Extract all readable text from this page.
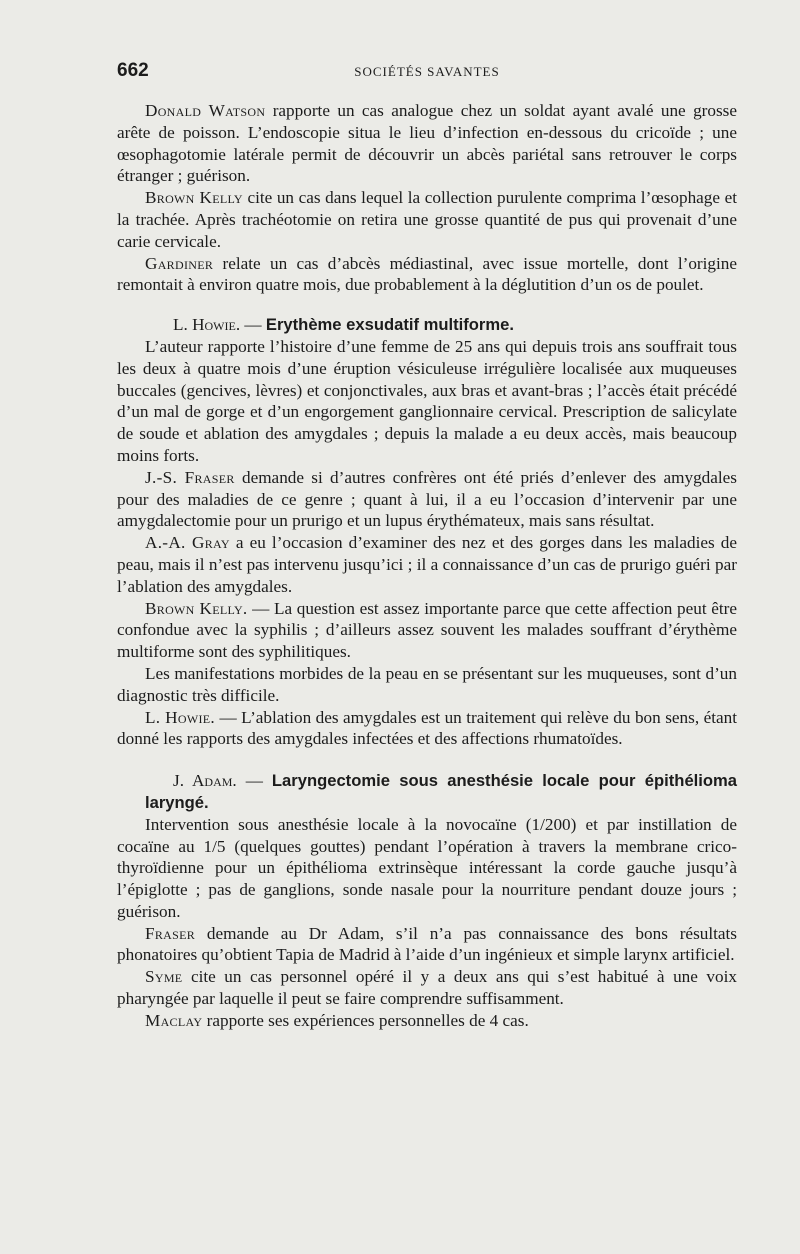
662	SOCIÉTÉS SAVANTES

Donald Watson rapporte un cas analogue chez un soldat ayant avalé une grosse arête de poisson. L’endoscopie situa le lieu d’infection en-dessous du cricoïde ; une œsophagotomie latérale permit de découvrir un abcès pariétal sans retrouver le corps étranger ; guérison.

Brown Kelly cite un cas dans lequel la collection purulente comprima l’œsophage et la trachée. Après trachéotomie on retira une grosse quantité de pus qui provenait d’une carie cervicale.

Gardiner relate un cas d’abcès médiastinal, avec issue mortelle, dont l’origine remontait à environ quatre mois, due probablement à la déglutition d’un os de poulet.

L. Howie. — Erythème exsudatif multiforme.

L’auteur rapporte l’histoire d’une femme de 25 ans qui depuis trois ans souffrait tous les deux à quatre mois d’une éruption vésiculeuse irrégulière localisée aux muqueuses buccales (gencives, lèvres) et conjonctivales, aux bras et avant-bras ; l’accès était précédé d’un mal de gorge et d’un engorgement ganglionnaire cervical. Prescription de salicylate de soude et ablation des amygdales ; depuis la malade a eu deux accès, mais beaucoup moins forts.

J.-S. Fraser demande si d’autres confrères ont été priés d’enlever des amygdales pour des maladies de ce genre ; quant à lui, il a eu l’occasion d’intervenir par une amygdalectomie pour un prurigo et un lupus érythémateux, mais sans résultat.

A.-A. Gray a eu l’occasion d’examiner des nez et des gorges dans les maladies de peau, mais il n’est pas intervenu jusqu’ici ; il a connaissance d’un cas de prurigo guéri par l’ablation des amygdales.

Brown Kelly. — La question est assez importante parce que cette affection peut être confondue avec la syphilis ; d’ailleurs assez souvent les malades souffrant d’érythème multiforme sont des syphilitiques.

Les manifestations morbides de la peau en se présentant sur les muqueuses, sont d’un diagnostic très difficile.

L. Howie. — L’ablation des amygdales est un traitement qui relève du bon sens, étant donné les rapports des amygdales infectées et des affections rhumatoïdes.

J. Adam. — Laryngectomie sous anesthésie locale pour épithélioma laryngé.

Intervention sous anesthésie locale à la novocaïne (1/200) et par instillation de cocaïne au 1/5 (quelques gouttes) pendant l’opération à travers la membrane crico-thyroïdienne pour un épithélioma extrinsèque intéressant la corde gauche jusqu’à l’épiglotte ; pas de ganglions, sonde nasale pour la nourriture pendant douze jours ; guérison.

Fraser demande au Dr Adam, s’il n’a pas connaissance des bons résultats phonatoires qu’obtient Tapia de Madrid à l’aide d’un ingénieux et simple larynx artificiel.

Syme cite un cas personnel opéré il y a deux ans qui s’est habitué à une voix pharyngée par laquelle il peut se faire comprendre suffisamment.

Maclay rapporte ses expériences personnelles de 4 cas.
